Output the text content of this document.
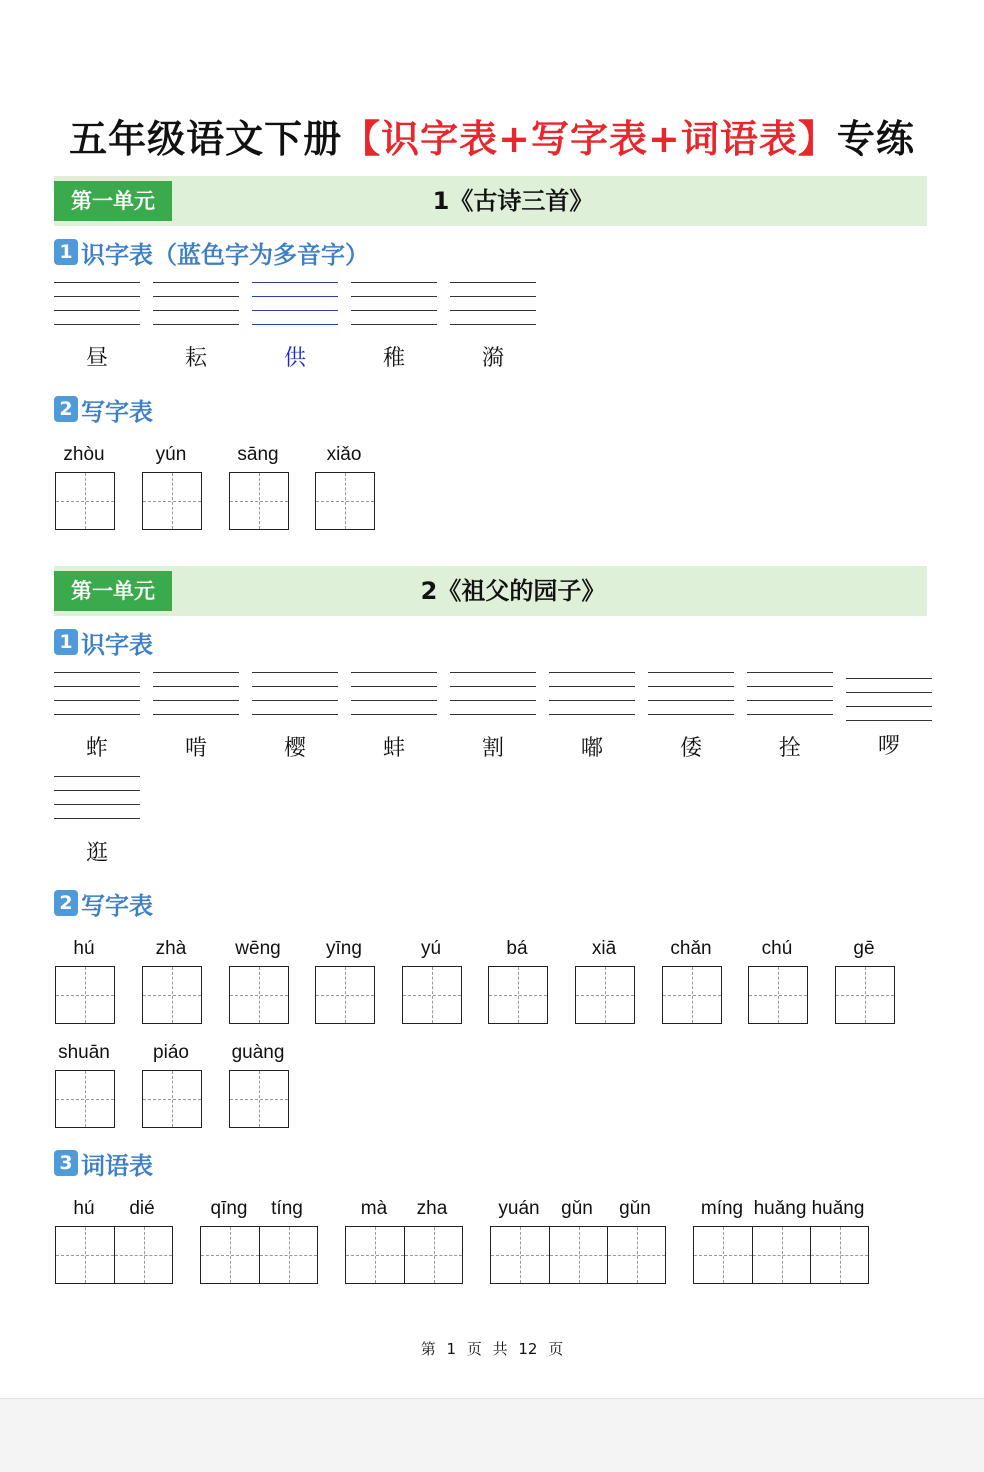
五年级语文下册【识字表+写字表+词语表】专练
第一单元	1《古诗三首》
1 识字表（蓝色字为多音字）
昼	耘	供	稚	漪
2 写字表
zhòu	yún	sāng	xiǎo
第一单元	2《祖父的园子》
1 识字表
蚱	啃	樱	蚌	割	嘟	倭	拴	啰
逛
2 写字表
hú	zhà	wēng	yīng	yú	bá	xiā	chǎn	chú	gē
shuān	piáo	guàng
3 词语表
hú	dié	qīng	tíng	mà	zha	yuán	gǔn	gǔn	míng huǎng huǎng
第 1 页 共 12 页
